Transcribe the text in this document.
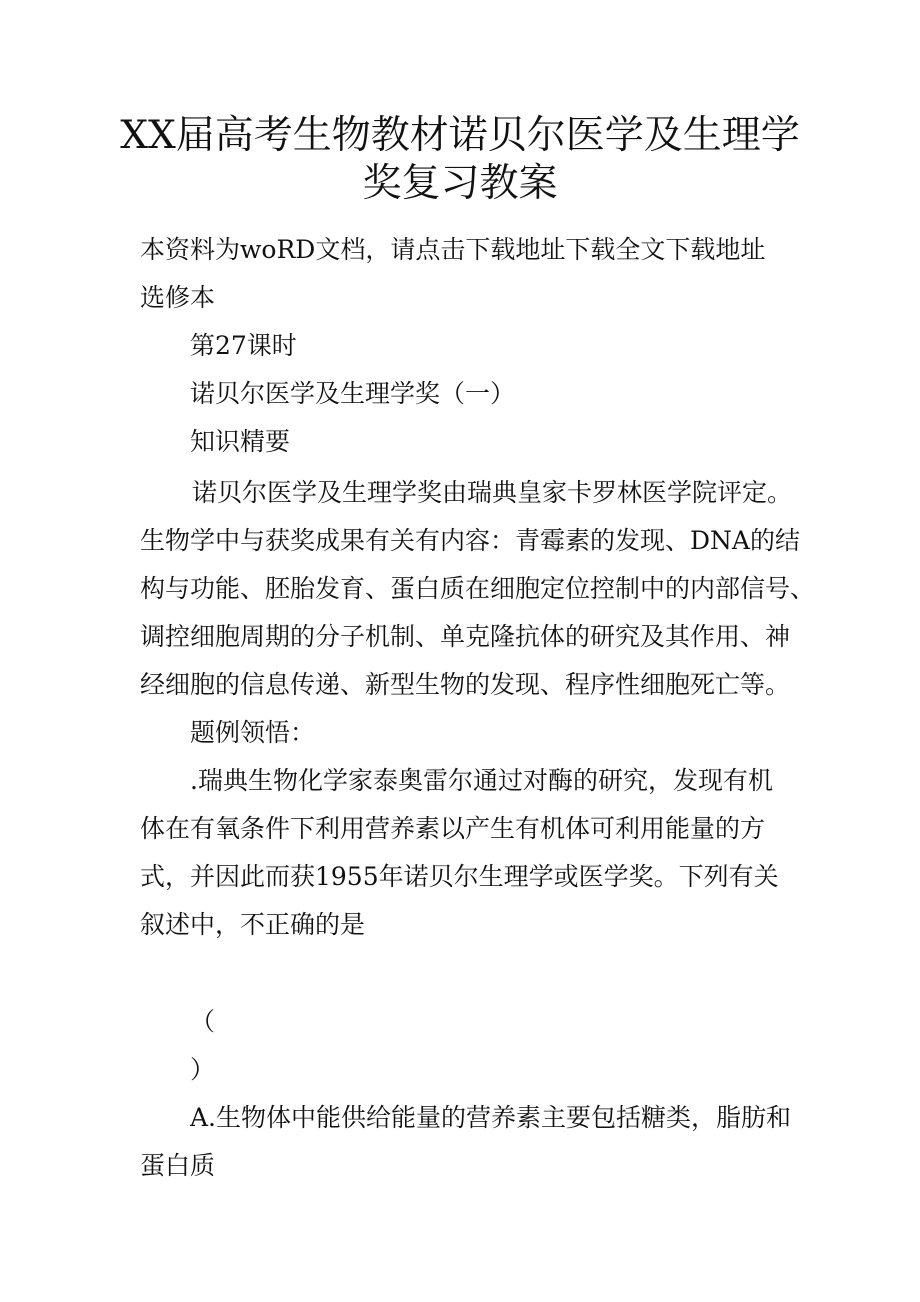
XX届高考生物教材诺贝尔医学及生理学
奖复习教案
本资料为woRD文档，请点击下载地址下载全文下载地址
选修本
第27课时
诺贝尔医学及生理学奖（一）
知识精要
诺贝尔医学及生理学奖由瑞典皇家卡罗林医学院评定。
生物学中与获奖成果有关有内容：青霉素的发现、DNA的结
构与功能、胚胎发育、蛋白质在细胞定位控制中的内部信号、
调控细胞周期的分子机制、单克隆抗体的研究及其作用、神
经细胞的信息传递、新型生物的发现、程序性细胞死亡等。
题例领悟：
.瑞典生物化学家泰奥雷尔通过对酶的研究，发现有机
体在有氧条件下利用营养素以产生有机体可利用能量的方
式，并因此而获1955年诺贝尔生理学或医学奖。下列有关
叙述中，不正确的是
（
）
A.生物体中能供给能量的营养素主要包括糖类，脂肪和
蛋白质
